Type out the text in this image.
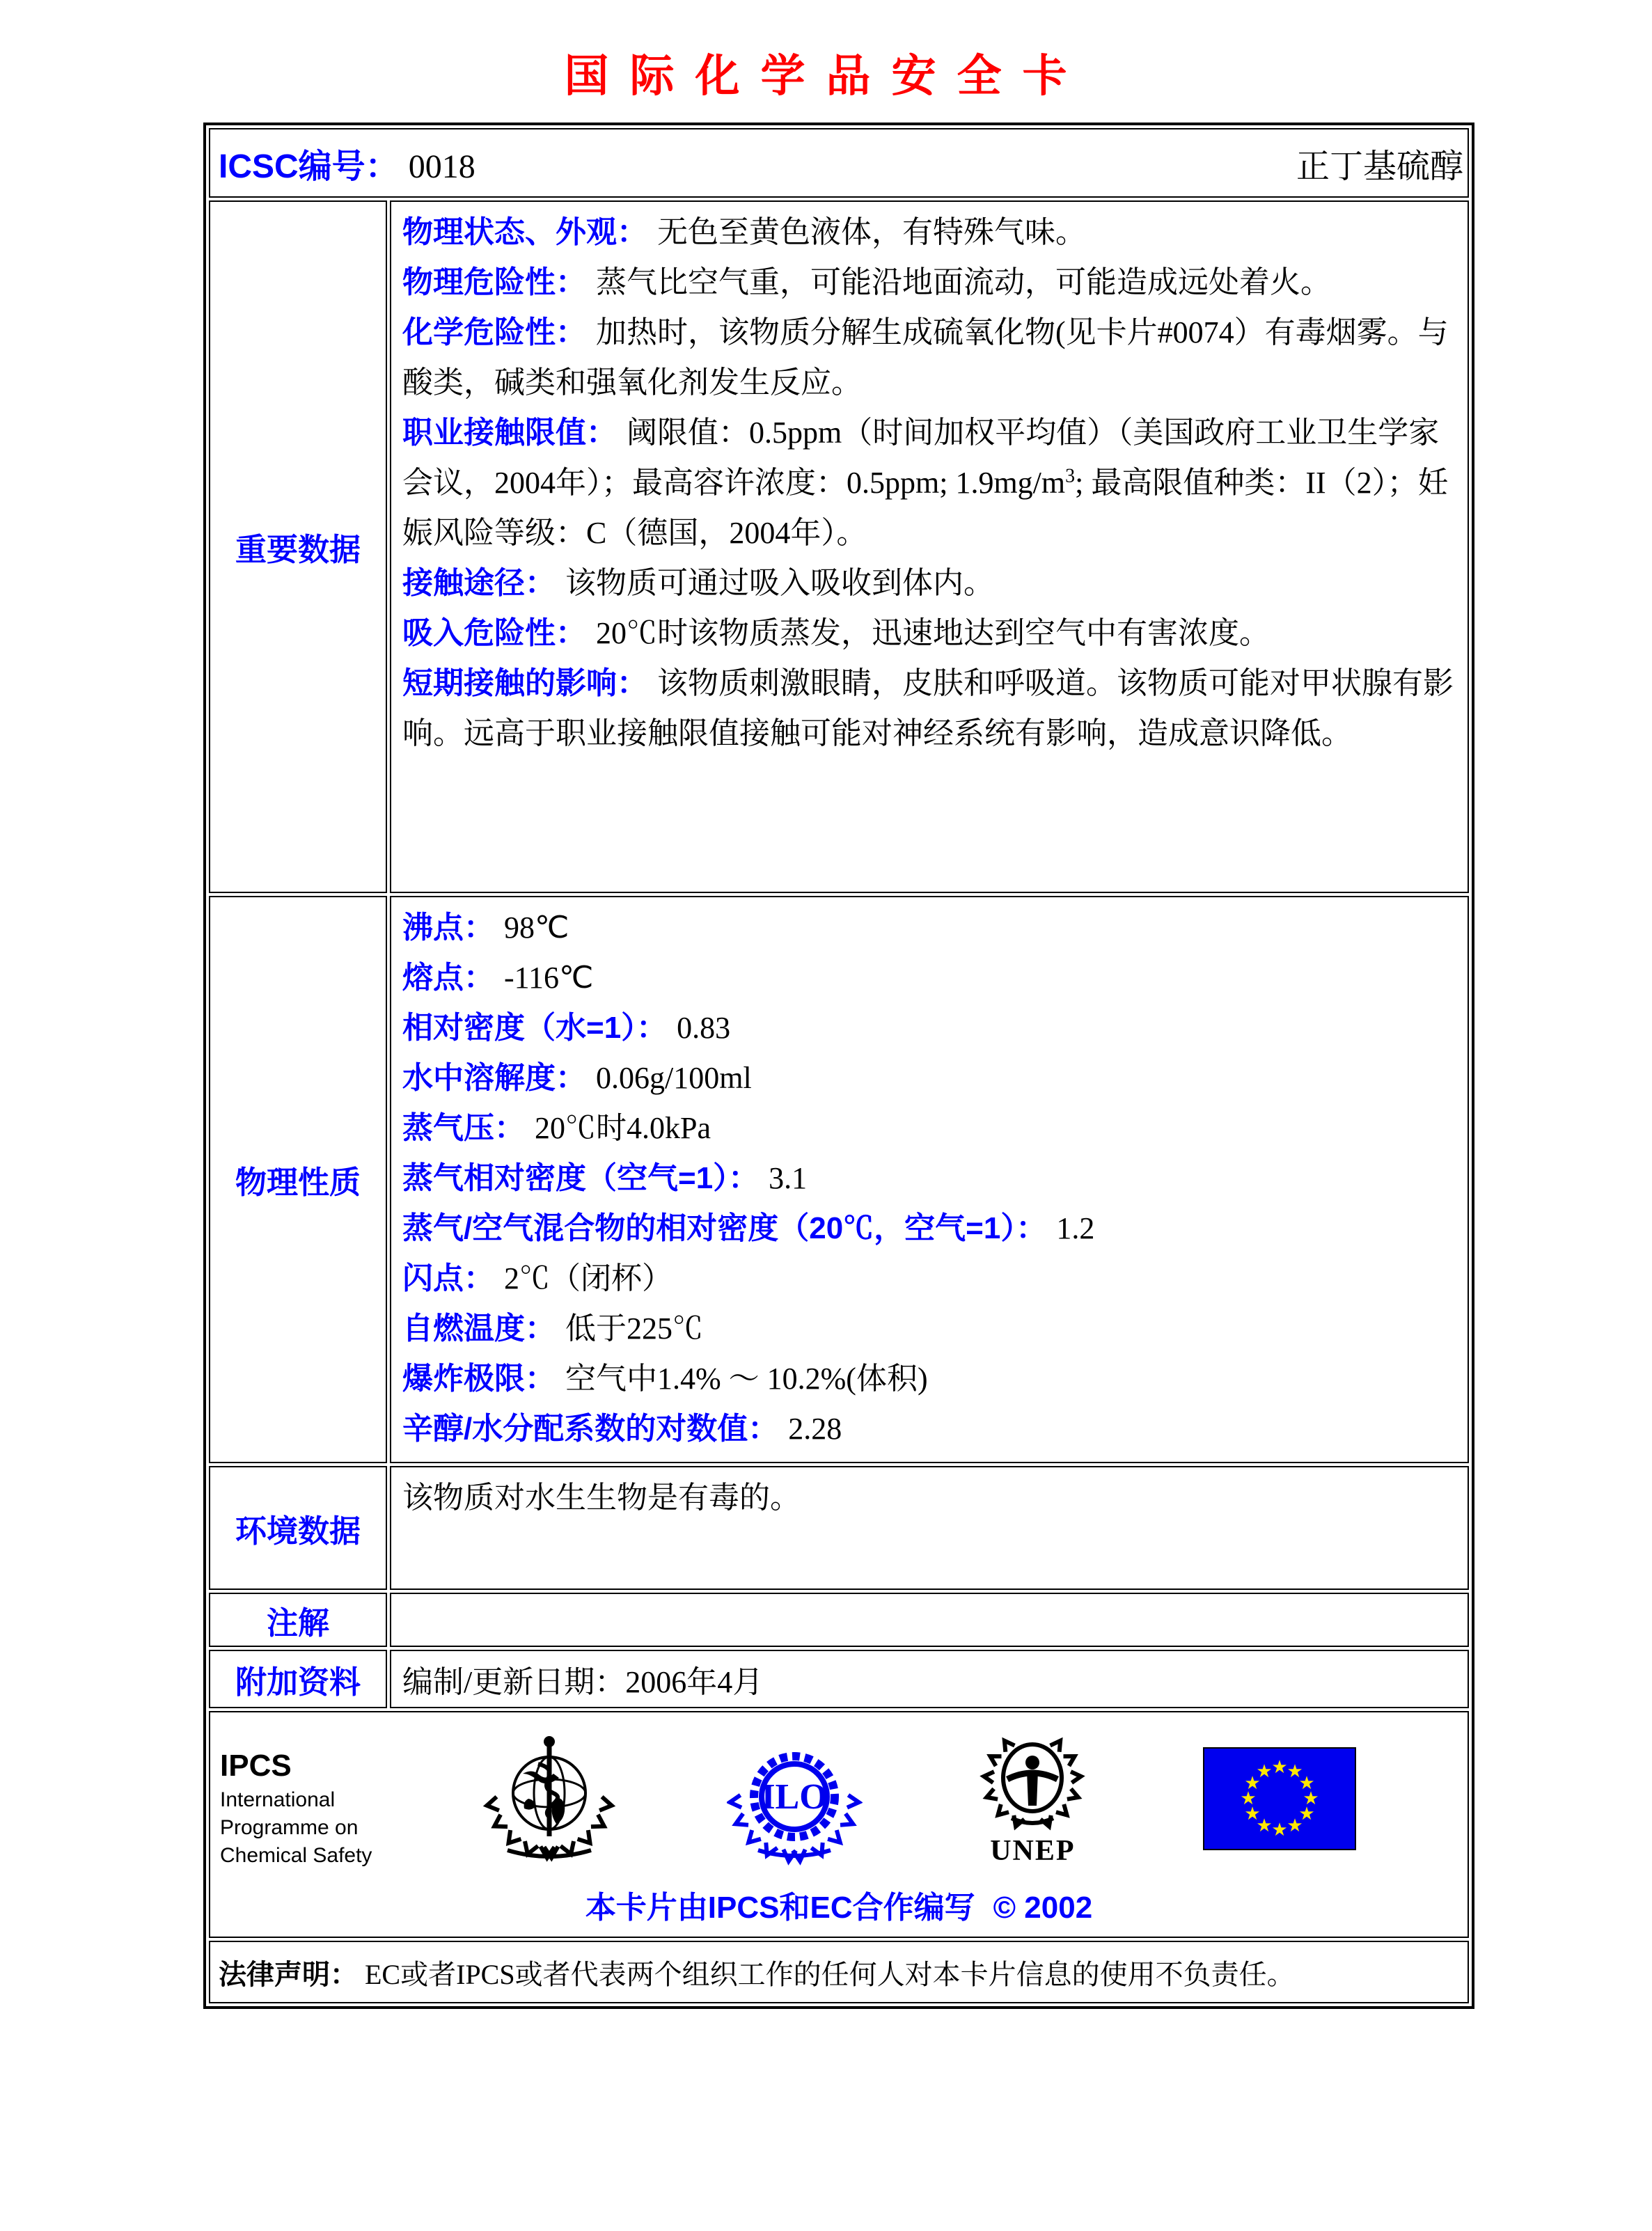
国际化学品安全卡
ICSC编号： 0018 正丁基硫醇	

重要数据	

物理状态、外观： 无色至黄色液体，有特殊气味。

物理危险性： 蒸气比空气重，可能沿地面流动，可能造成远处着火。

化学危险性： 加热时，该物质分解生成硫氧化物(见卡片#0074）有毒烟雾。与酸类，碱类和强氧化剂发生反应。

职业接触限值： 阈限值：0.5ppm（时间加权平均值）（美国政府工业卫生学家会议，2004年）；最高容许浓度：0.5ppm; $1.9mg/m^3$; 最高限值种类：II（2）；妊娠风险等级：C（德国，2004年）。

接触途径： 该物质可通过吸入吸收到体内。

吸入危险性： 20℃时该物质蒸发，迅速地达到空气中有害浓度。

短期接触的影响： 该物质刺激眼睛，皮肤和呼吸道。该物质可能对甲状腺有影响。远高于职业接触限值接触可能对神经系统有影响，造成意识降低。

物理性质	

沸点： 98℃

熔点： -116℃

相对密度（水=1）： 0.83

水中溶解度： 0.06g/100ml

蒸气压： 20℃时4.0kPa

蒸气相对密度（空气=1）： 3.1

蒸气/空气混合物的相对密度（20℃，空气=1）： 1.2

闪点： 2℃（闭杯）

自燃温度： 低于225℃

爆炸极限： 空气中1.4% ～ 10.2%(体积)

辛醇/水分配系数的对数值： 2.28

环境数据	该物质对水生生物是有毒的。

注解	

附加资料	编制/更新日期：2006年4月

IPCS

International
Programme on
Chemical Safety

ILO
UNEP
★
★
★
★
★
★
★
★
★
★
★
★
本卡片由IPCS和EC合作编写 © 2002

法律声明： EC或者IPCS或者代表两个组织工作的任何人对本卡片信息的使用不负责任。	
